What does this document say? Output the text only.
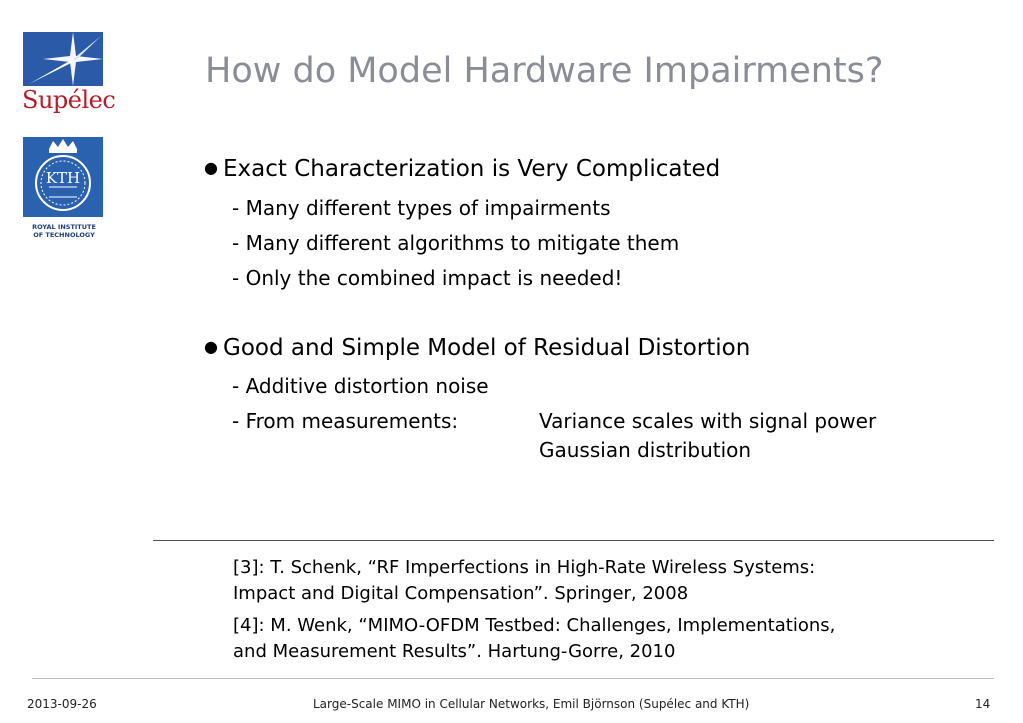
Supélec
KTH
ROYAL INSTITUTE
OF TECHNOLOGY
How do Model Hardware Impairments?
● Exact Characterization is Very Complicated
- Many different types of impairments
- Many different algorithms to mitigate them
- Only the combined impact is needed!
● Good and Simple Model of Residual Distortion
- Additive distortion noise
- From measurements:	Variance scales with signal power
Gaussian distribution
[3]: T. Schenk, “RF Imperfections in High-Rate Wireless Systems:
Impact and Digital Compensation”. Springer, 2008
[4]: M. Wenk, “MIMO-OFDM Testbed: Challenges, Implementations,
and Measurement Results”. Hartung-Gorre, 2010
2013-09-26	Large-Scale MIMO in Cellular Networks, Emil Björnson (Supélec and KTH)	14
